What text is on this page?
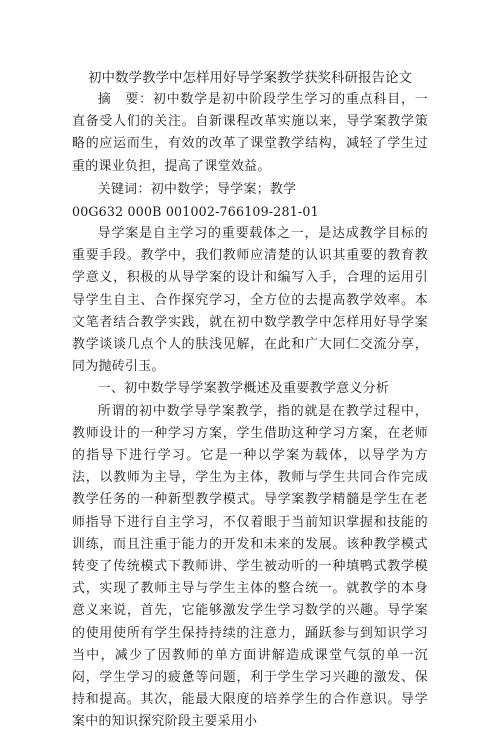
初中数学教学中怎样用好导学案教学获奖科研报告论文

摘　要：初中数学是初中阶段学生学习的重点科目，一直备受人们的关注。自新课程改革实施以来，导学案教学策略的应运而生，有效的改革了课堂教学结构，减轻了学生过重的课业负担，提高了课堂效益。

关键词：初中数学；导学案；教学

00G632 000B 001002-766109-281-01

导学案是自主学习的重要载体之一，是达成教学目标的重要手段。教学中，我们教师应清楚的认识其重要的教育教学意义，积极的从导学案的设计和编写入手，合理的运用引导学生自主、合作探究学习，全方位的去提高教学效率。本文笔者结合教学实践，就在初中数学教学中怎样用好导学案教学谈谈几点个人的肤浅见解，在此和广大同仁交流分享，同为抛砖引玉。

一、初中数学导学案教学概述及重要教学意义分析

所谓的初中数学导学案教学，指的就是在教学过程中，教师设计的一种学习方案，学生借助这种学习方案，在老师的指导下进行学习。它是一种以学案为载体，以导学为方法，以教师为主导，学生为主体，教师与学生共同合作完成教学任务的一种新型教学模式。导学案教学精髓是学生在老师指导下进行自主学习，不仅着眼于当前知识掌握和技能的训练，而且注重于能力的开发和未来的发展。该种教学模式转变了传统模式下教师讲、学生被动听的一种填鸭式教学模式，实现了教师主导与学生主体的整合统一。就教学的本身意义来说，首先，它能够激发学生学习数学的兴趣。导学案的使用使所有学生保持持续的注意力，踊跃参与到知识学习当中，减少了因教师的单方面讲解造成课堂气氛的单一沉闷，学生学习的疲惫等问题，利于学生学习兴趣的激发、保持和提高。其次，能最大限度的培养学生的合作意识。导学案中的知识探究阶段主要采用小
